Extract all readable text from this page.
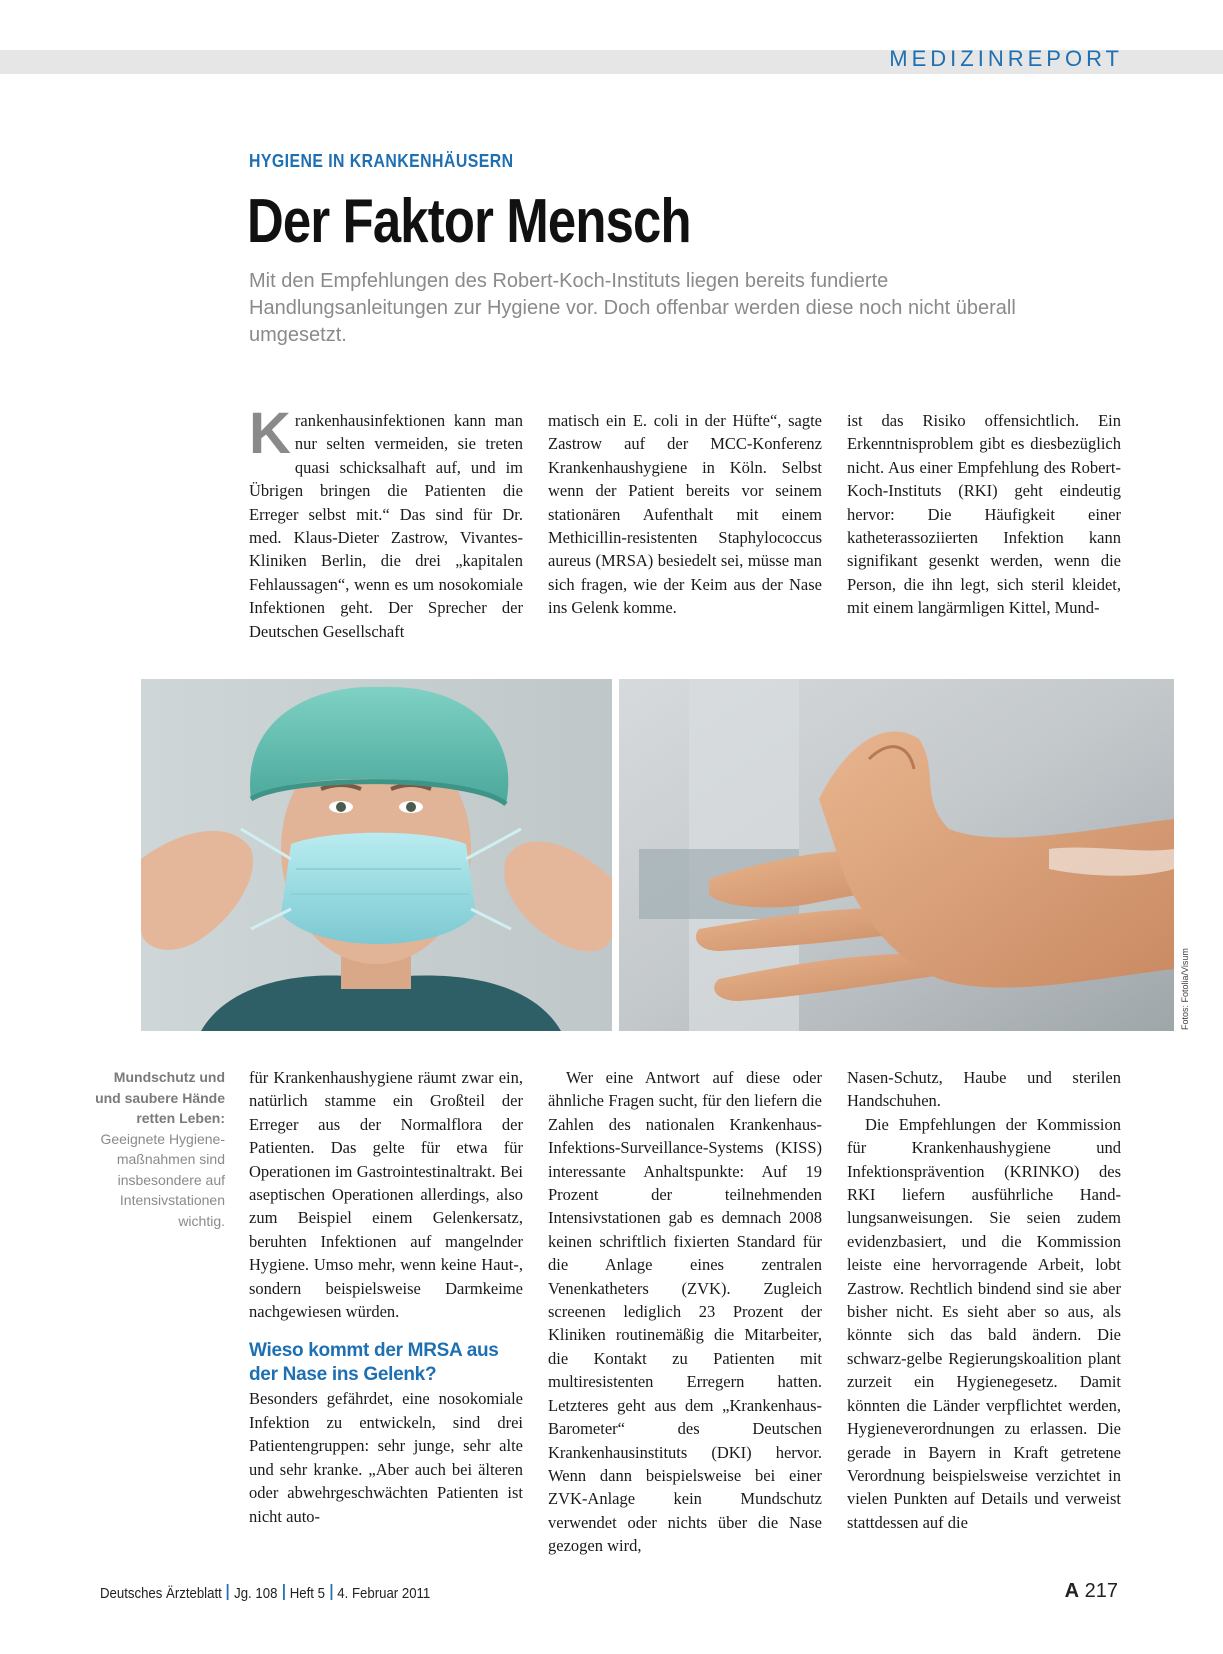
MEDIZINREPORT
HYGIENE IN KRANKENHÄUSERN
Der Faktor Mensch
Mit den Empfehlungen des Robert-Koch-Instituts liegen bereits fundierte Handlungsanleitungen zur Hygiene vor. Doch offenbar werden diese noch nicht überall umgesetzt.

Krankenhausinfektionen kann man nur selten vermeiden, sie treten quasi schicksalhaft auf, und im Übrigen bringen die Patienten die Erreger selbst mit.“ Das sind für Dr. med. Klaus-Dieter Zastrow, Vivantes-Kliniken Berlin, die drei „kapitalen Fehlaussagen“, wenn es um nosokomiale Infektionen geht. Der Sprecher der Deutschen Gesellschaft

matisch ein E. coli in der Hüfte“, sagte Zastrow auf der MCC-Konferenz Krankenhaushygiene in Köln. Selbst wenn der Patient bereits vor seinem stationären Aufenthalt mit einem Methicillin-resistenten Staphylococcus aureus (MRSA) besiedelt sei, müsse man sich fragen, wie der Keim aus der Nase ins Gelenk komme.

ist das Risiko offensichtlich. Ein Erkenntnisproblem gibt es diesbezüglich nicht. Aus einer Empfehlung des Robert-Koch-Instituts (RKI) geht eindeutig hervor: Die Häufigkeit einer katheterassoziierten Infektion kann signifikant gesenkt werden, wenn die Person, die ihn legt, sich steril kleidet, mit einem langärmligen Kittel, Mund-

Fotos: Fotolia/Visum
Mundschutz und und saubere Hände retten Leben: Geeignete Hygienemaßnahmen sind insbesondere auf Intensivstationen wichtig.

für Krankenhaushygiene räumt zwar ein, natürlich stamme ein Großteil der Erreger aus der Normalflora der Patienten. Das gelte für etwa für Operationen im Gastrointestinaltrakt. Bei aseptischen Operationen allerdings, also zum Beispiel einem Gelenkersatz, beruhten Infektionen auf mangelnder Hygiene. Umso mehr, wenn keine Haut-, sondern beispielsweise Darmkeime nachgewiesen würden.

Wieso kommt der MRSA aus der Nase ins Gelenk?

Besonders gefährdet, eine nosokomiale Infektion zu entwickeln, sind drei Patientengruppen: sehr junge, sehr alte und sehr kranke. „Aber auch bei älteren oder abwehrgeschwächten Patienten ist nicht auto-

Wer eine Antwort auf diese oder ähnliche Fragen sucht, für den liefern die Zahlen des nationalen Krankenhaus-Infektions-Surveillance-Systems (KISS) interessante Anhaltspunkte: Auf 19 Prozent der teilnehmenden Intensivstationen gab es demnach 2008 keinen schriftlich fixierten Standard für die Anlage eines zentralen Venenkatheters (ZVK). Zugleich screenen lediglich 23 Prozent der Kliniken routinemäßig die Mitarbeiter, die Kontakt zu Patienten mit multiresistenten Erregern hatten. Letzteres geht aus dem „Krankenhaus-Barometer“ des Deutschen Krankenhausinstituts (DKI) hervor. Wenn dann beispielsweise bei einer ZVK-Anlage kein Mundschutz verwendet oder nichts über die Nase gezogen wird,

Nasen-Schutz, Haube und sterilen Handschuhen.

Die Empfehlungen der Kommission für Krankenhaushygiene und Infektionsprävention (KRINKO) des RKI liefern ausführliche Handlungsanweisungen. Sie seien zudem evidenzbasiert, und die Kommission leiste eine hervorragende Arbeit, lobt Zastrow. Rechtlich bindend sind sie aber bisher nicht. Es sieht aber so aus, als könnte sich das bald ändern. Die schwarz-gelbe Regierungskoalition plant zurzeit ein Hygienegesetz. Damit könnten die Länder verpflichtet werden, Hygieneverordnungen zu erlassen. Die gerade in Bayern in Kraft getretene Verordnung beispielsweise verzichtet in vielen Punkten auf Details und verweist stattdessen auf die

Deutsches Ärzteblatt Jg. 108 Heft 5 4. Februar 2011	A 217
